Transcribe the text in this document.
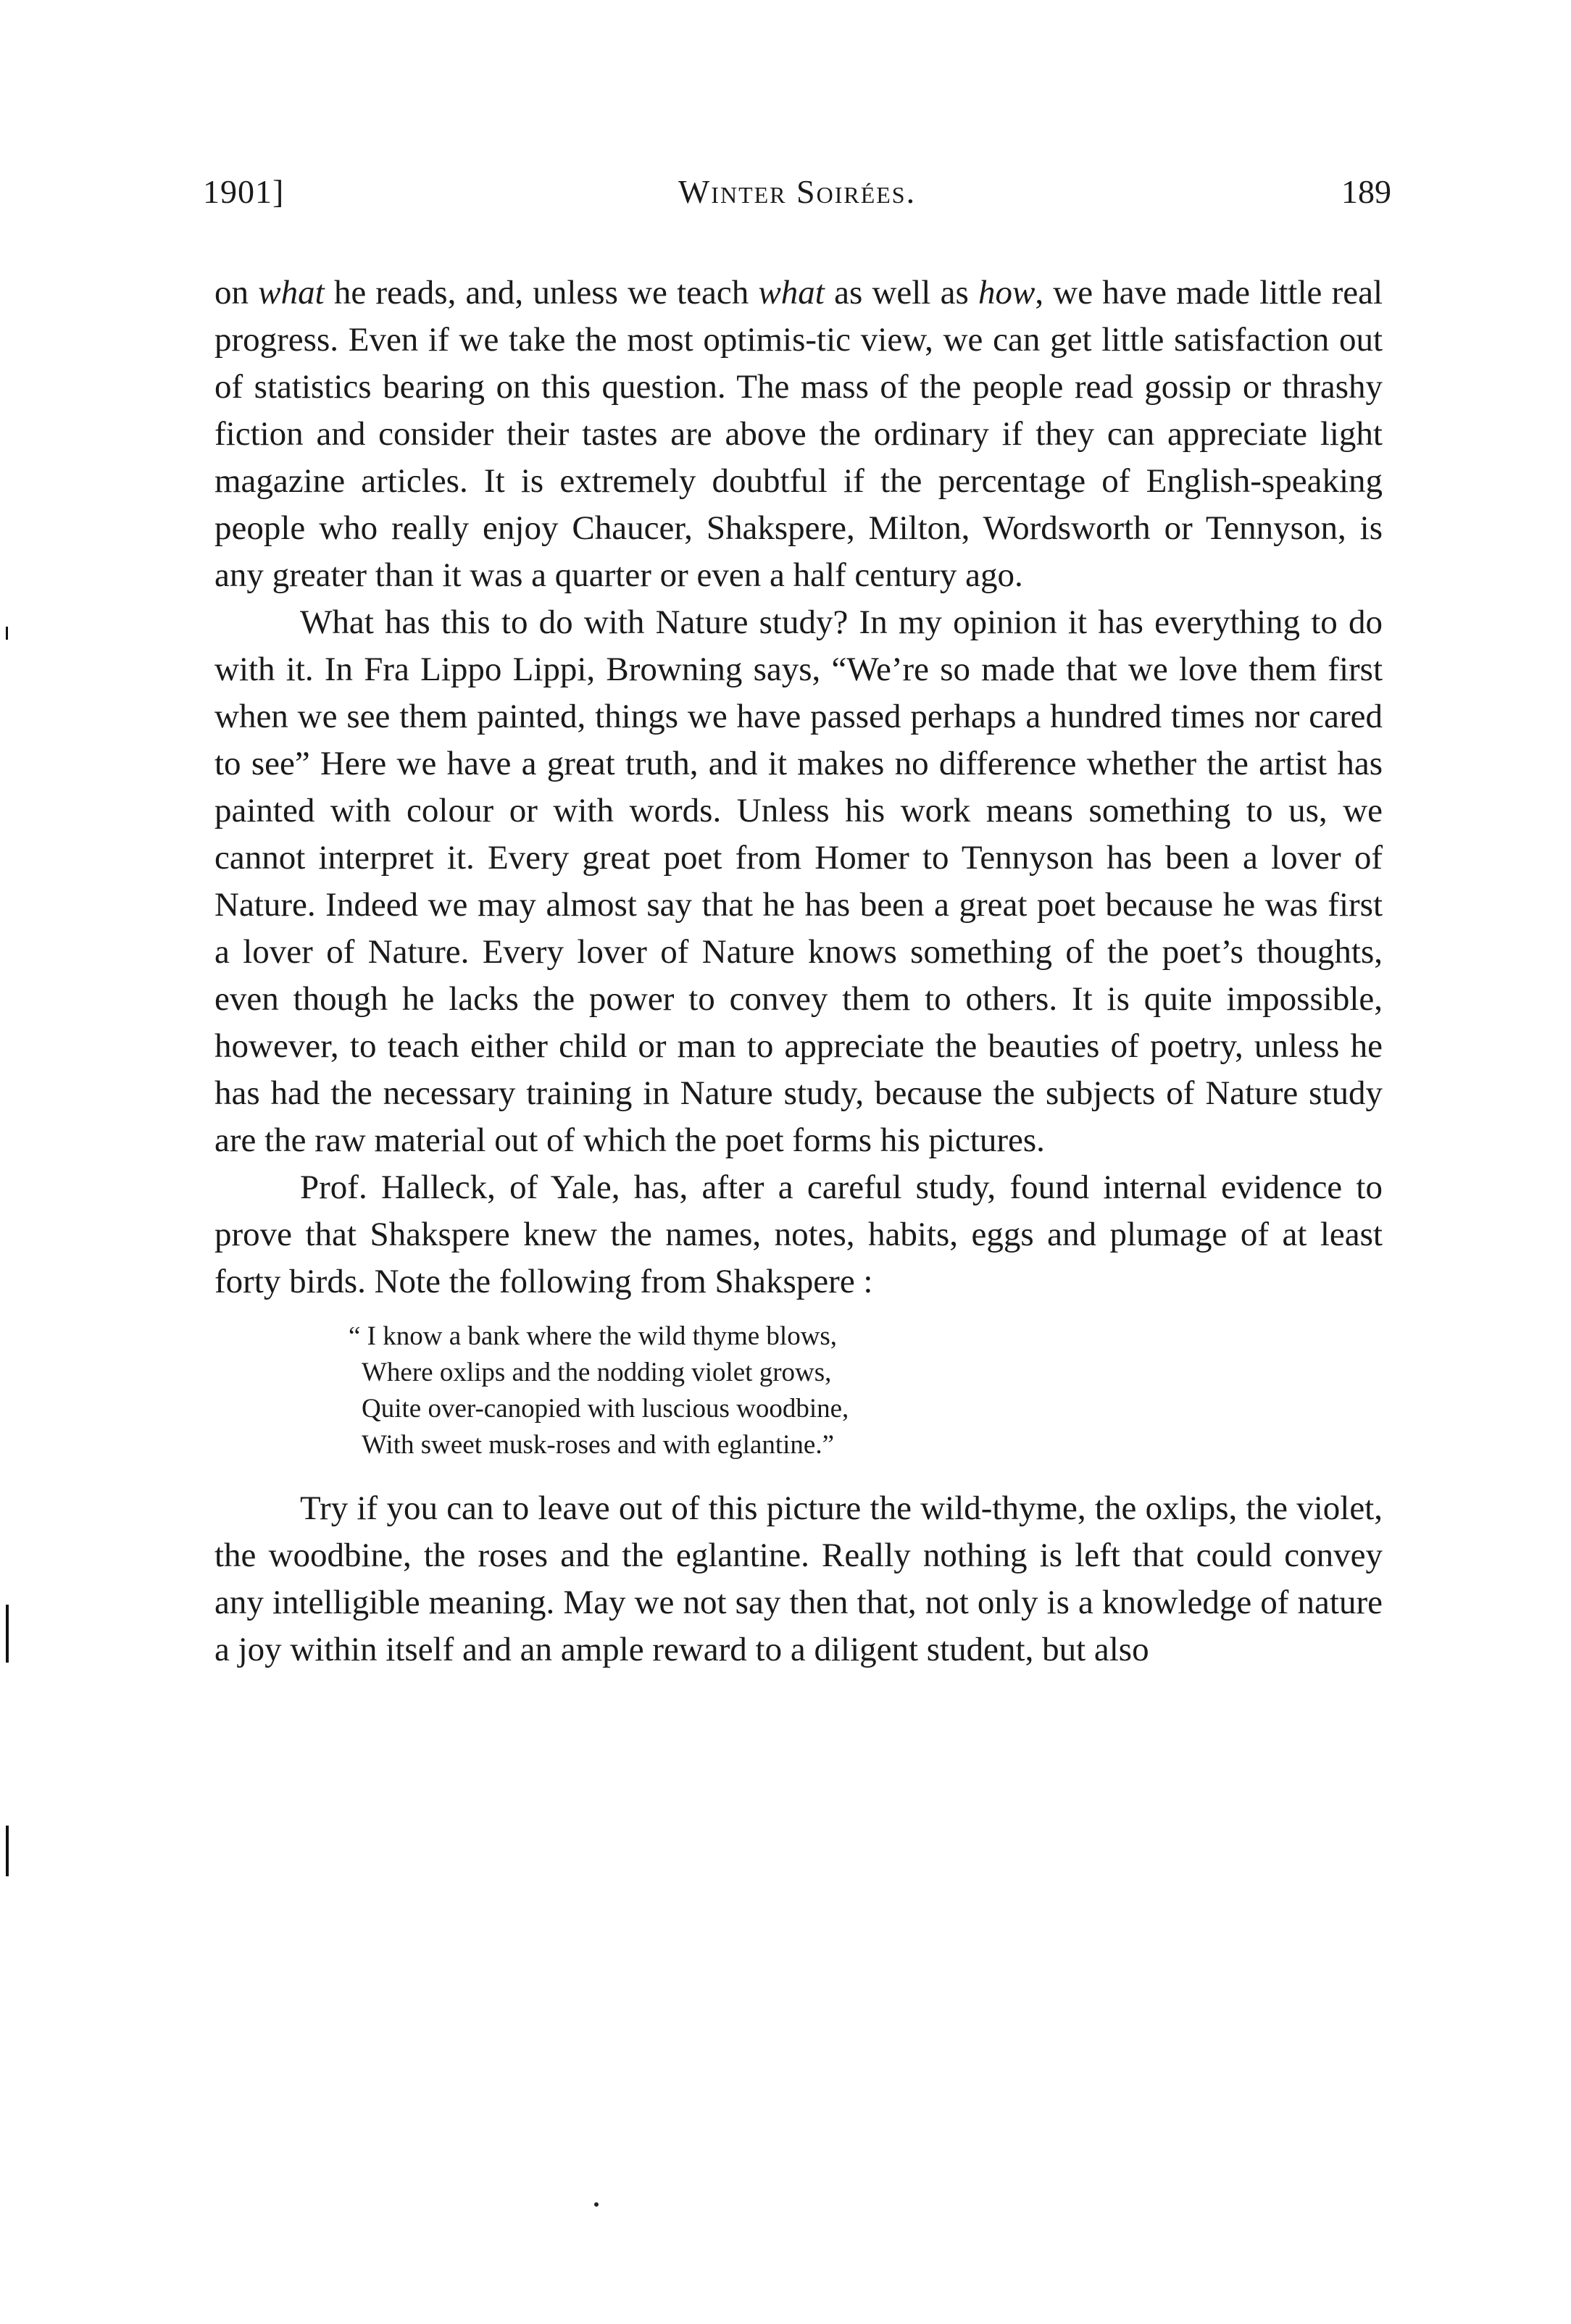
1901]	Winter Soirées.	189

on what he reads, and, unless we teach what as well as how, we have made little real progress. Even if we take the most optimis-tic view, we can get little satisfaction out of statistics bearing on this question. The mass of the people read gossip or thrashy fiction and consider their tastes are above the ordinary if they can appreciate light magazine articles. It is extremely doubtful if the percentage of English-speaking people who really enjoy Chaucer, Shakspere, Milton, Wordsworth or Tennyson, is any greater than it was a quarter or even a half century ago.

What has this to do with Nature study? In my opinion it has everything to do with it. In Fra Lippo Lippi, Browning says, “We’re so made that we love them first when we see them painted, things we have passed perhaps a hundred times nor cared to see” Here we have a great truth, and it makes no difference whether the artist has painted with colour or with words. Unless his work means something to us, we cannot interpret it. Every great poet from Homer to Tennyson has been a lover of Nature. Indeed we may almost say that he has been a great poet because he was first a lover of Nature. Every lover of Nature knows something of the poet’s thoughts, even though he lacks the power to convey them to others. It is quite impossible, however, to teach either child or man to appreciate the beauties of poetry, unless he has had the necessary training in Nature study, because the subjects of Nature study are the raw material out of which the poet forms his pictures.

Prof. Halleck, of Yale, has, after a careful study, found internal evidence to prove that Shakspere knew the names, notes, habits, eggs and plumage of at least forty birds. Note the following from Shakspere :

“ I know a bank where the wild thyme blows,
Where oxlips and the nodding violet grows,
Quite over-canopied with luscious woodbine,
With sweet musk-roses and with eglantine.”

Try if you can to leave out of this picture the wild-thyme, the oxlips, the violet, the woodbine, the roses and the eglantine. Really nothing is left that could convey any intelligible meaning. May we not say then that, not only is a knowledge of nature a joy within itself and an ample reward to a diligent student, but also
